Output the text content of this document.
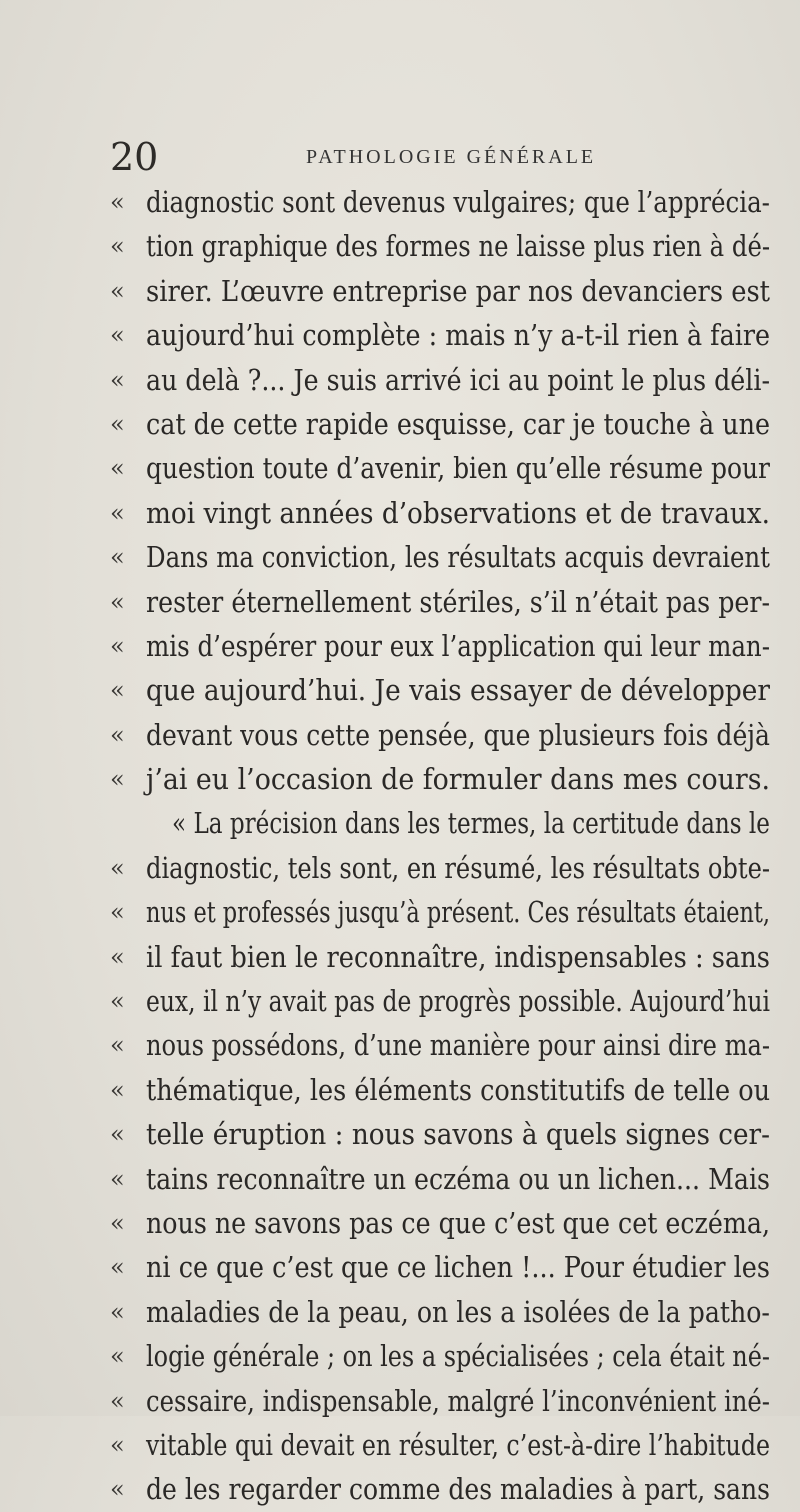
20	PATHOLOGIE GÉNÉRALE
« diagnostic sont devenus vulgaires; que l’apprécia-
« tion graphique des formes ne laisse plus rien à dé-
« sirer. L’œuvre entreprise par nos devanciers est
« aujourd’hui complète : mais n’y a-t-il rien à faire
« au delà ?... Je suis arrivé ici au point le plus déli-
« cat de cette rapide esquisse, car je touche à une
« question toute d’avenir, bien qu’elle résume pour
« moi vingt années d’observations et de travaux.
« Dans ma conviction, les résultats acquis devraient
« rester éternellement stériles, s’il n’était pas per-
« mis d’espérer pour eux l’application qui leur man-
« que aujourd’hui. Je vais essayer de développer
« devant vous cette pensée, que plusieurs fois déjà
« j’ai eu l’occasion de formuler dans mes cours.
« La précision dans les termes, la certitude dans le
« diagnostic, tels sont, en résumé, les résultats obte-
« nus et professés jusqu’à présent. Ces résultats étaient,
« il faut bien le reconnaître, indispensables : sans
« eux, il n’y avait pas de progrès possible. Aujourd’hui
« nous possédons, d’une manière pour ainsi dire ma-
« thématique, les éléments constitutifs de telle ou
« telle éruption : nous savons à quels signes cer-
« tains reconnaître un eczéma ou un lichen... Mais
« nous ne savons pas ce que c’est que cet eczéma,
« ni ce que c’est que ce lichen !... Pour étudier les
« maladies de la peau, on les a isolées de la patho-
« logie générale ; on les a spécialisées ; cela était né-
« cessaire, indispensable, malgré l’inconvénient iné-
« vitable qui devait en résulter, c’est-à-dire l’habitude
« de les regarder comme des maladies à part, sans
